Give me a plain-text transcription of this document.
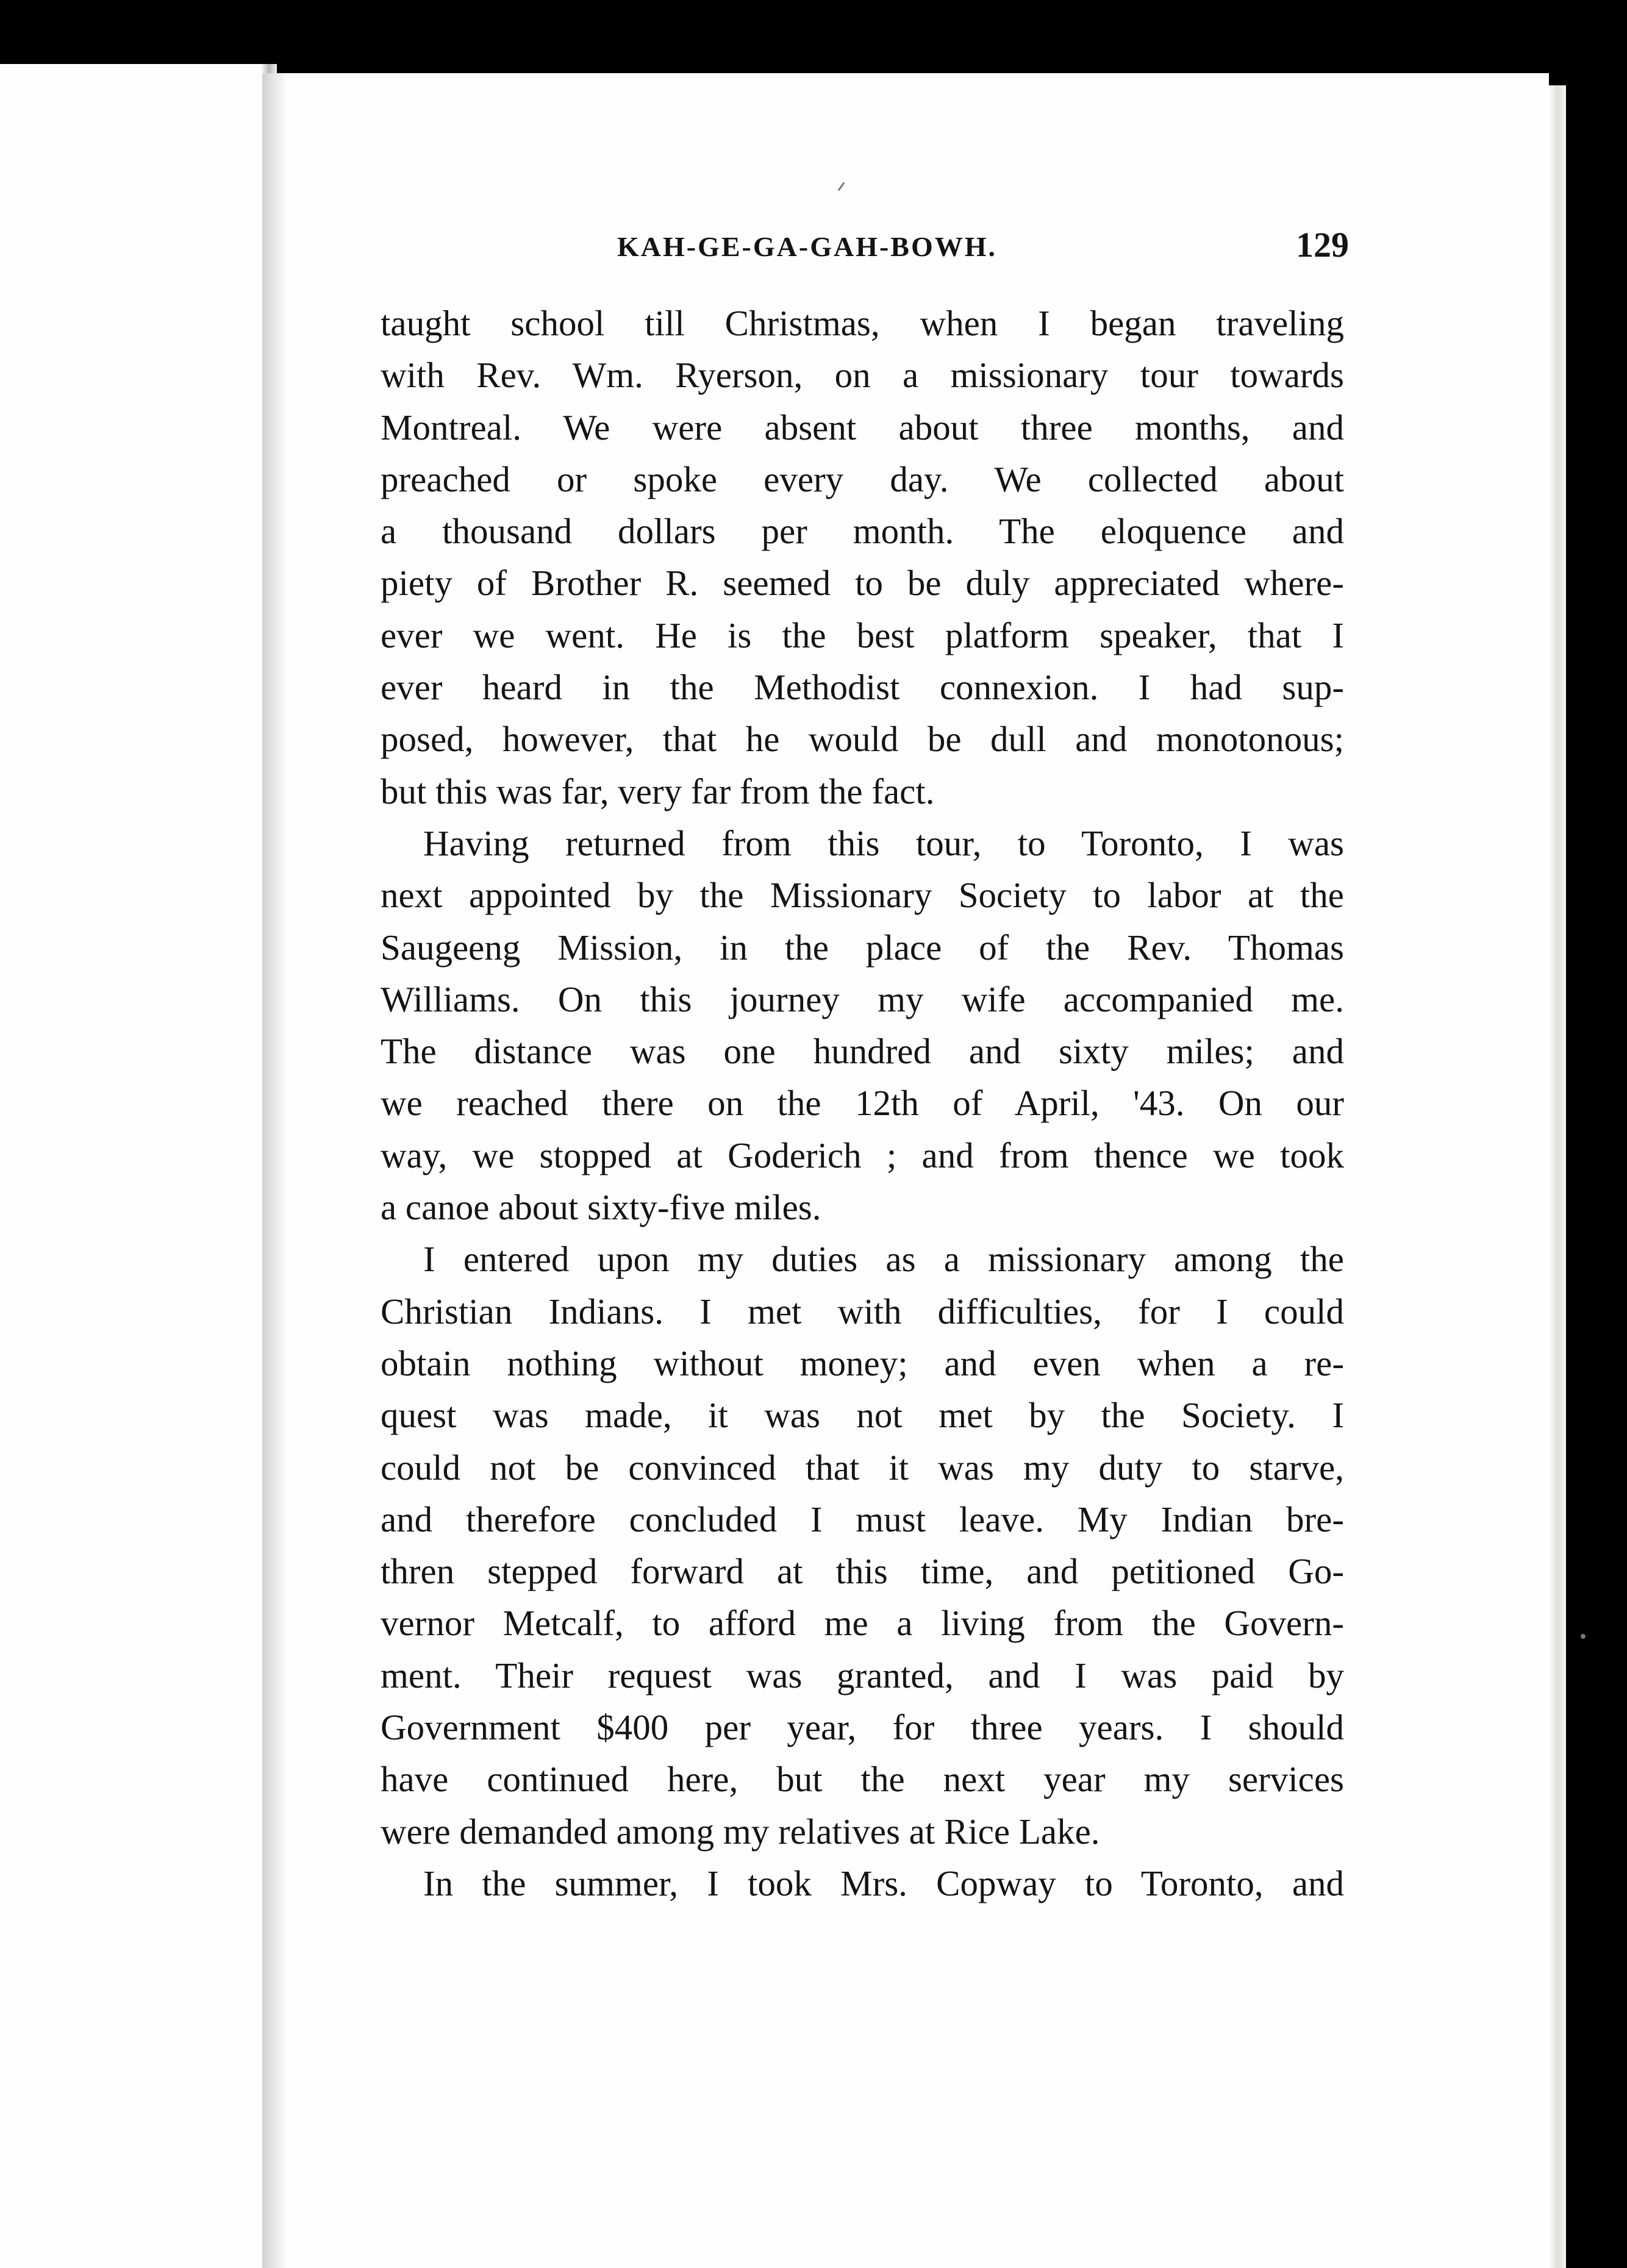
KAH-GE-GA-GAH-BOWH.	129
taught school till Christmas, when I began traveling
with Rev. Wm. Ryerson, on a missionary tour towards
Montreal. We were absent about three months, and
preached or spoke every day. We collected about
a thousand dollars per month. The eloquence and
piety of Brother R. seemed to be duly appreciated where-
ever we went. He is the best platform speaker, that I
ever heard in the Methodist connexion. I had sup-
posed, however, that he would be dull and monotonous;
but this was far, very far from the fact.
Having returned from this tour, to Toronto, I was
next appointed by the Missionary Society to labor at the
Saugeeng Mission, in the place of the Rev. Thomas
Williams. On this journey my wife accompanied me.
The distance was one hundred and sixty miles; and
we reached there on the 12th of April, '43. On our
way, we stopped at Goderich ; and from thence we took
a canoe about sixty-five miles.
I entered upon my duties as a missionary among the
Christian Indians. I met with difficulties, for I could
obtain nothing without money; and even when a re-
quest was made, it was not met by the Society. I
could not be convinced that it was my duty to starve,
and therefore concluded I must leave. My Indian bre-
thren stepped forward at this time, and petitioned Go-
vernor Metcalf, to afford me a living from the Govern-
ment. Their request was granted, and I was paid by
Government $400 per year, for three years. I should
have continued here, but the next year my services
were demanded among my relatives at Rice Lake.
In the summer, I took Mrs. Copway to Toronto, and
